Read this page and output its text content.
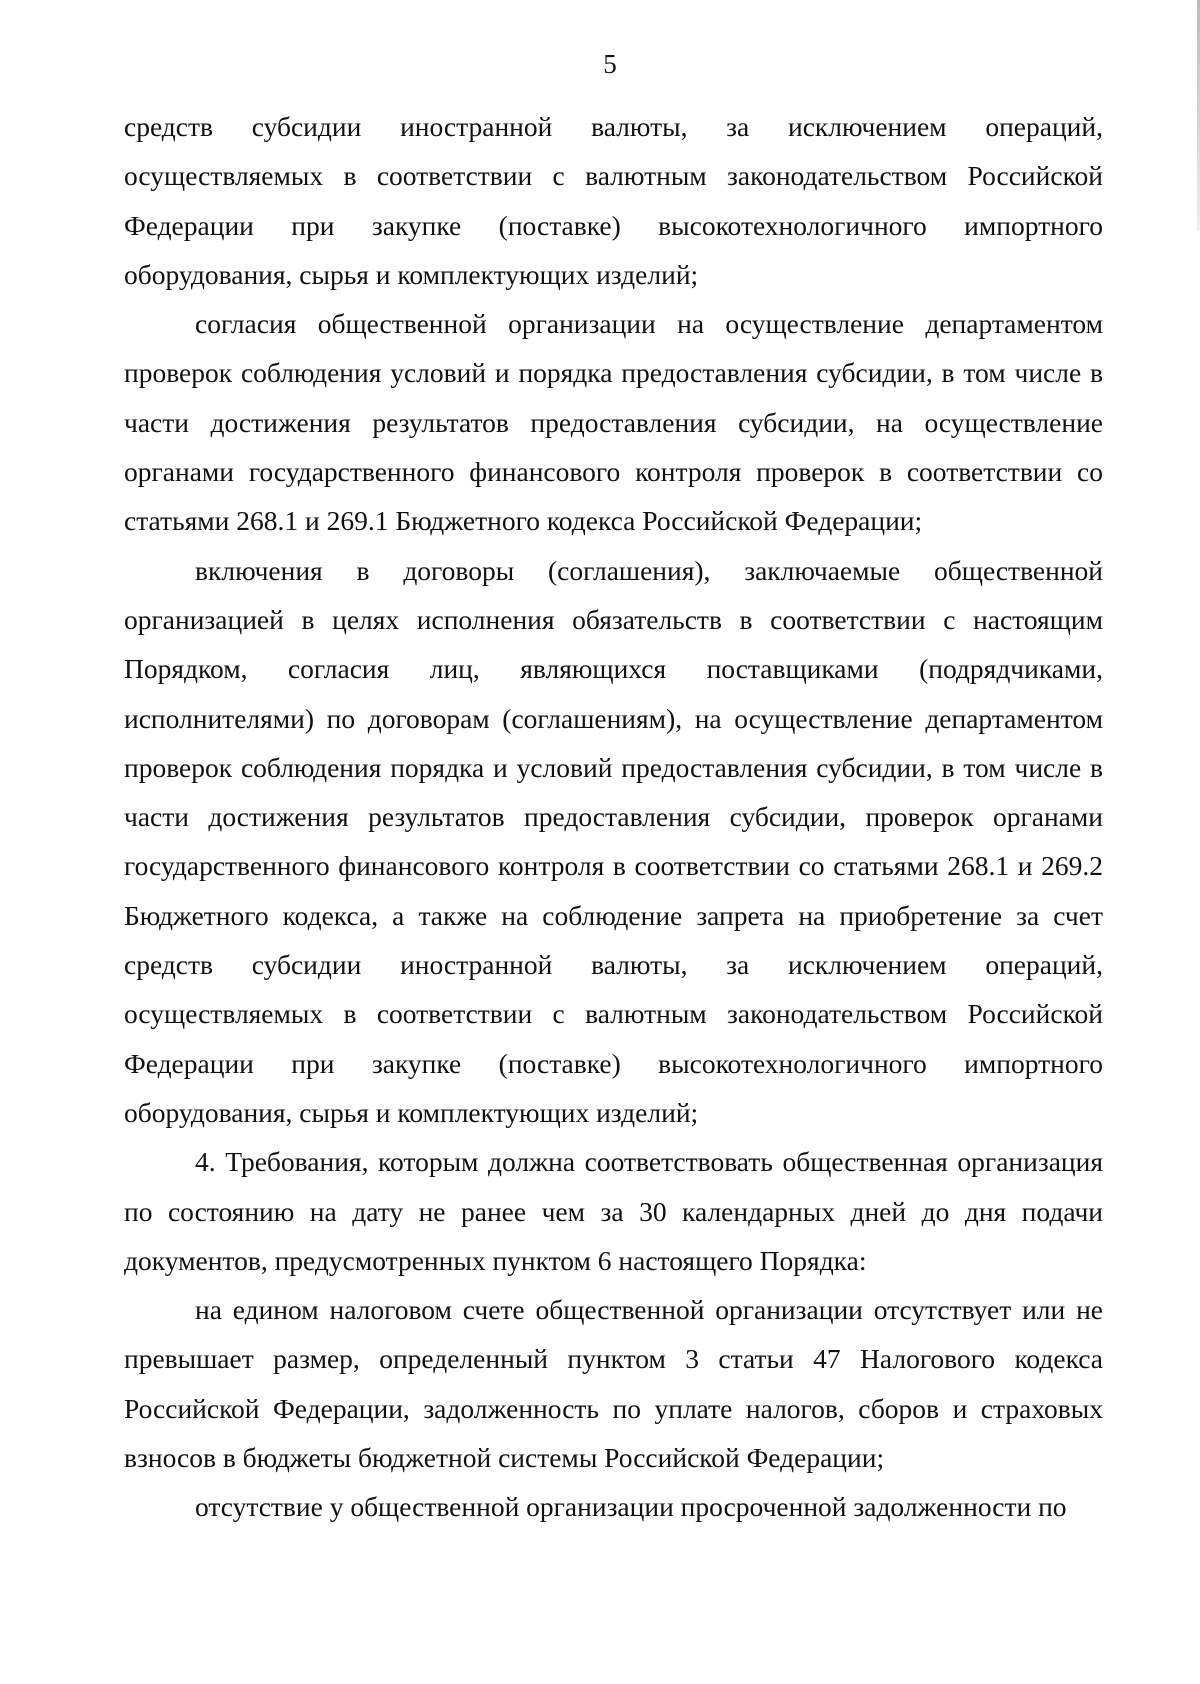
5

средств субсидии иностранной валюты, за исключением операций, осуществляемых в соответствии с валютным законодательством Российской Федерации при закупке (поставке) высокотехнологичного импортного оборудования, сырья и комплектующих изделий;

согласия общественной организации на осуществление департаментом проверок соблюдения условий и порядка предоставления субсидии, в том числе в части достижения результатов предоставления субсидии, на осуществление органами государственного финансового контроля проверок в соответствии со статьями 268.1 и 269.1 Бюджетного кодекса Российской Федерации;

включения в договоры (соглашения), заключаемые общественной организацией в целях исполнения обязательств в соответствии с настоящим Порядком, согласия лиц, являющихся поставщиками (подрядчиками, исполнителями) по договорам (соглашениям), на осуществление департаментом проверок соблюдения порядка и условий предоставления субсидии, в том числе в части достижения результатов предоставления субсидии, проверок органами государственного финансового контроля в соответствии со статьями 268.1 и 269.2 Бюджетного кодекса, а также на соблюдение запрета на приобретение за счет средств субсидии иностранной валюты, за исключением операций, осуществляемых в соответствии с валютным законодательством Российской Федерации при закупке (поставке) высокотехнологичного импортного оборудования, сырья и комплектующих изделий;

4. Требования, которым должна соответствовать общественная организация по состоянию на дату не ранее чем за 30 календарных дней до дня подачи документов, предусмотренных пунктом 6 настоящего Порядка:

на едином налоговом счете общественной организации отсутствует или не превышает размер, определенный пунктом 3 статьи 47 Налогового кодекса Российской Федерации, задолженность по уплате налогов, сборов и страховых взносов в бюджеты бюджетной системы Российской Федерации;

отсутствие у общественной организации просроченной задолженности по
